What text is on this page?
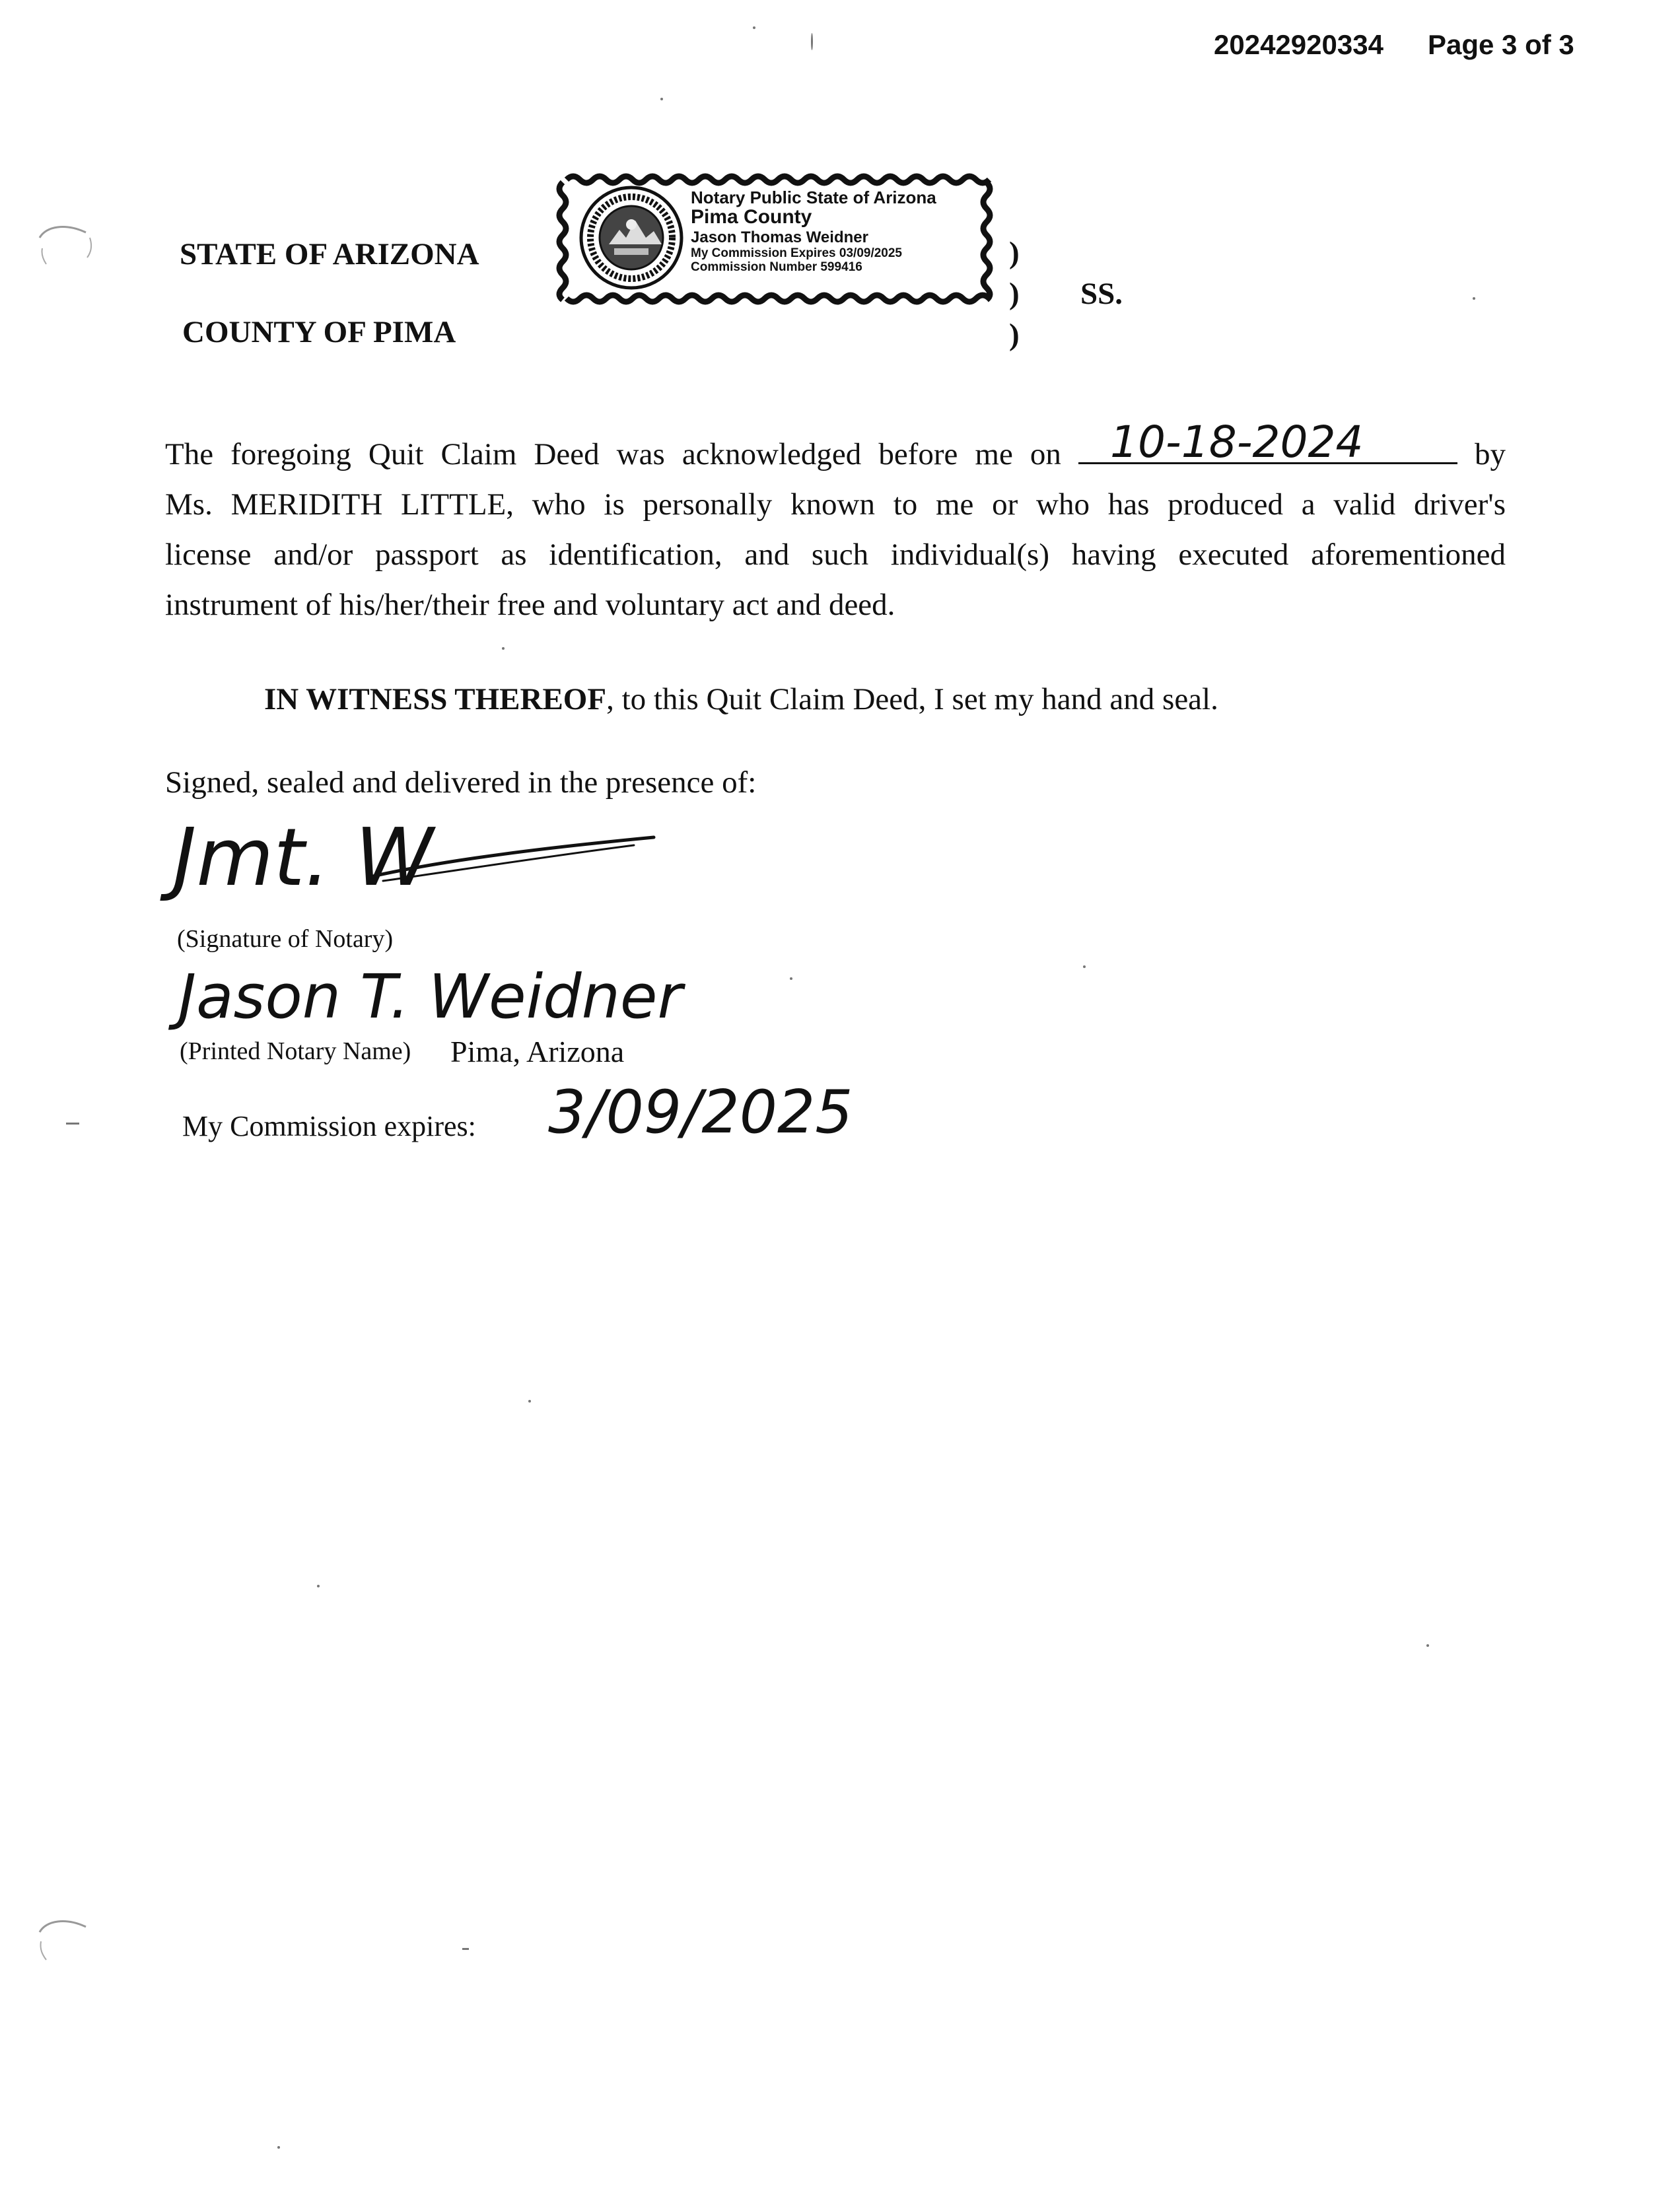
20242920334 Page 3 of 3
STATE OF ARIZONA
COUNTY OF PIMA
)
)
)
SS.
Notary Public State of Arizona
Pima County
Jason Thomas Weidner
My Commission Expires 03/09/2025
Commission Number 599416
The foregoing Quit Claim Deed was acknowledged before me on 10-18-2024	by
Ms. MERIDITH LITTLE, who is personally known to me or who has produced a valid driver's
license and/or passport as identification, and such individual(s) having executed aforementioned
instrument of his/her/their free and voluntary act and deed.
IN WITNESS THEREOF, to this Quit Claim Deed, I set my hand and seal.
Signed, sealed and delivered in the presence of:
Jmt. W
(Signature of Notary)
Jason T. Weidner
(Printed Notary Name) Pima, Arizona
My Commission expires: 3/09/2025
